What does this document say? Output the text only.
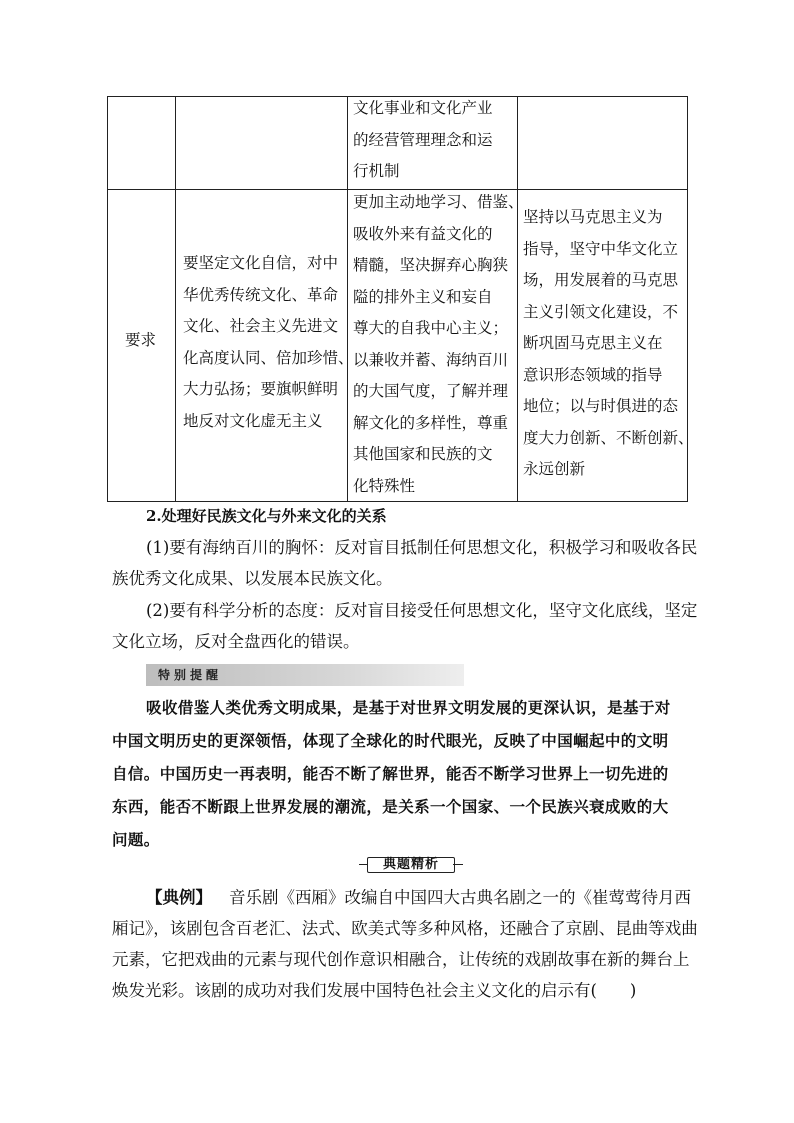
文化事业和文化产业
的经营管理理念和运
行机制
要求
要坚定文化自信，对中
华优秀传统文化、革命
文化、社会主义先进文
化高度认同、倍加珍惜、
大力弘扬；要旗帜鲜明
地反对文化虚无主义
更加主动地学习、借鉴、
吸收外来有益文化的
精髓，坚决摒弃心胸狭
隘的排外主义和妄自
尊大的自我中心主义；
以兼收并蓄、海纳百川
的大国气度，了解并理
解文化的多样性，尊重
其他国家和民族的文
化特殊性
坚持以马克思主义为
指导，坚守中华文化立
场，用发展着的马克思
主义引领文化建设，不
断巩固马克思主义在
意识形态领域的指导
地位；以与时俱进的态
度大力创新、不断创新、
永远创新
2.处理好民族文化与外来文化的关系
(1)要有海纳百川的胸怀：反对盲目抵制任何思想文化，积极学习和吸收各民
族优秀文化成果、以发展本民族文化。
(2)要有科学分析的态度：反对盲目接受任何思想文化，坚守文化底线，坚定
文化立场，反对全盘西化的错误。
特别提醒
吸收借鉴人类优秀文明成果，是基于对世界文明发展的更深认识，是基于对
中国文明历史的更深领悟，体现了全球化的时代眼光，反映了中国崛起中的文明
自信。中国历史一再表明，能否不断了解世界，能否不断学习世界上一切先进的
东西，能否不断跟上世界发展的潮流，是关系一个国家、一个民族兴衰成败的大
问题。
典题精析
【典例】 音乐剧《西厢》改编自中国四大古典名剧之一的《崔莺莺待月西
厢记》，该剧包含百老汇、法式、欧美式等多种风格，还融合了京剧、昆曲等戏曲
元素，它把戏曲的元素与现代创作意识相融合，让传统的戏剧故事在新的舞台上
焕发光彩。该剧的成功对我们发展中国特色社会主义文化的启示有(　　)
